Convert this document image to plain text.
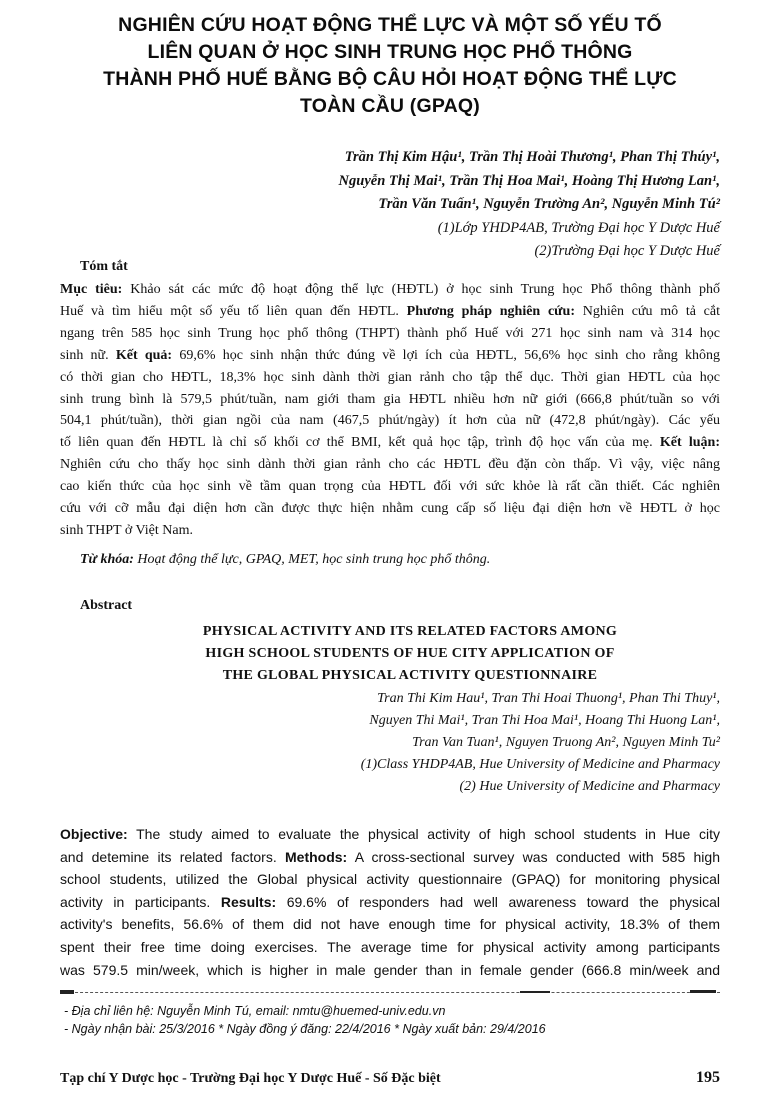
NGHIÊN CỨU HOẠT ĐỘNG THỂ LỰC VÀ MỘT SỐ YẾU TỐ
LIÊN QUAN Ở HỌC SINH TRUNG HỌC PHỔ THÔNG
THÀNH PHỐ HUẾ BẰNG BỘ CÂU HỎI HOẠT ĐỘNG THỂ LỰC
TOÀN CẦU (GPAQ)
Trần Thị Kim Hậu¹, Trần Thị Hoài Thương¹, Phan Thị Thúy¹,
Nguyễn Thị Mai¹, Trần Thị Hoa Mai¹, Hoàng Thị Hương Lan¹,
Trần Văn Tuấn¹, Nguyễn Trường An², Nguyễn Minh Tú²
(1)Lớp YHDP4AB, Trường Đại học Y Dược Huế
(2)Trường Đại học Y Dược Huế
Tóm tắt
Mục tiêu: Khảo sát các mức độ hoạt động thể lực (HĐTL) ở học sinh Trung học Phổ thông thành phố
Huế và tìm hiểu một số yếu tố liên quan đến HĐTL. Phương pháp nghiên cứu: Nghiên cứu mô tả cắt
ngang trên 585 học sinh Trung học phổ thông (THPT) thành phố Huế với 271 học sinh nam và 314 học
sinh nữ. Kết quả: 69,6% học sinh nhận thức đúng về lợi ích của HĐTL, 56,6% học sinh cho rằng không
có thời gian cho HĐTL, 18,3% học sinh dành thời gian rảnh cho tập thể dục. Thời gian HĐTL của học
sinh trung bình là 579,5 phút/tuần, nam giới tham gia HĐTL nhiều hơn nữ giới (666,8 phút/tuần so với
504,1 phút/tuần), thời gian ngồi của nam (467,5 phút/ngày) ít hơn của nữ (472,8 phút/ngày). Các yếu
tố liên quan đến HĐTL là chỉ số khối cơ thể BMI, kết quả học tập, trình độ học vấn của mẹ. Kết luận:
Nghiên cứu cho thấy học sinh dành thời gian rảnh cho các HĐTL đều đặn còn thấp. Vì vậy, việc nâng
cao kiến thức của học sinh về tầm quan trọng của HĐTL đối với sức khỏe là rất cần thiết. Các nghiên
cứu với cỡ mẫu đại diện hơn cần được thực hiện nhằm cung cấp số liệu đại diện hơn về HĐTL ở học
sinh THPT ở Việt Nam.
Từ khóa: Hoạt động thể lực, GPAQ, MET, học sinh trung học phổ thông.
Abstract
PHYSICAL ACTIVITY AND ITS RELATED FACTORS AMONG
HIGH SCHOOL STUDENTS OF HUE CITY APPLICATION OF
THE GLOBAL PHYSICAL ACTIVITY QUESTIONNAIRE
Tran Thi Kim Hau¹, Tran Thi Hoai Thuong¹, Phan Thi Thuy¹,
Nguyen Thi Mai¹, Tran Thi Hoa Mai¹, Hoang Thi Huong Lan¹,
Tran Van Tuan¹, Nguyen Truong An², Nguyen Minh Tu²
(1)Class YHDP4AB, Hue University of Medicine and Pharmacy
(2) Hue University of Medicine and Pharmacy
Objective: The study aimed to evaluate the physical activity of high school students in Hue city
and detemine its related factors. Methods: A cross-sectional survey was conducted with 585 high
school students, utilized the Global physical activity questionnaire (GPAQ) for monitoring physical
activity in participants. Results: 69.6% of responders had well awareness toward the physical
activity's benefits, 56.6% of them did not have enough time for physical activity, 18.3% of them
spent their free time doing exercises. The average time for physical activity among participants
was 579.5 min/week, which is higher in male gender than in female gender (666.8 min/week and
- Địa chỉ liên hệ: Nguyễn Minh Tú, email: nmtu@huemed-univ.edu.vn
- Ngày nhận bài: 25/3/2016 * Ngày đồng ý đăng: 22/4/2016 * Ngày xuất bản: 29/4/2016
Tạp chí Y Dược học - Trường Đại học Y Dược Huế - Số Đặc biệt	195
